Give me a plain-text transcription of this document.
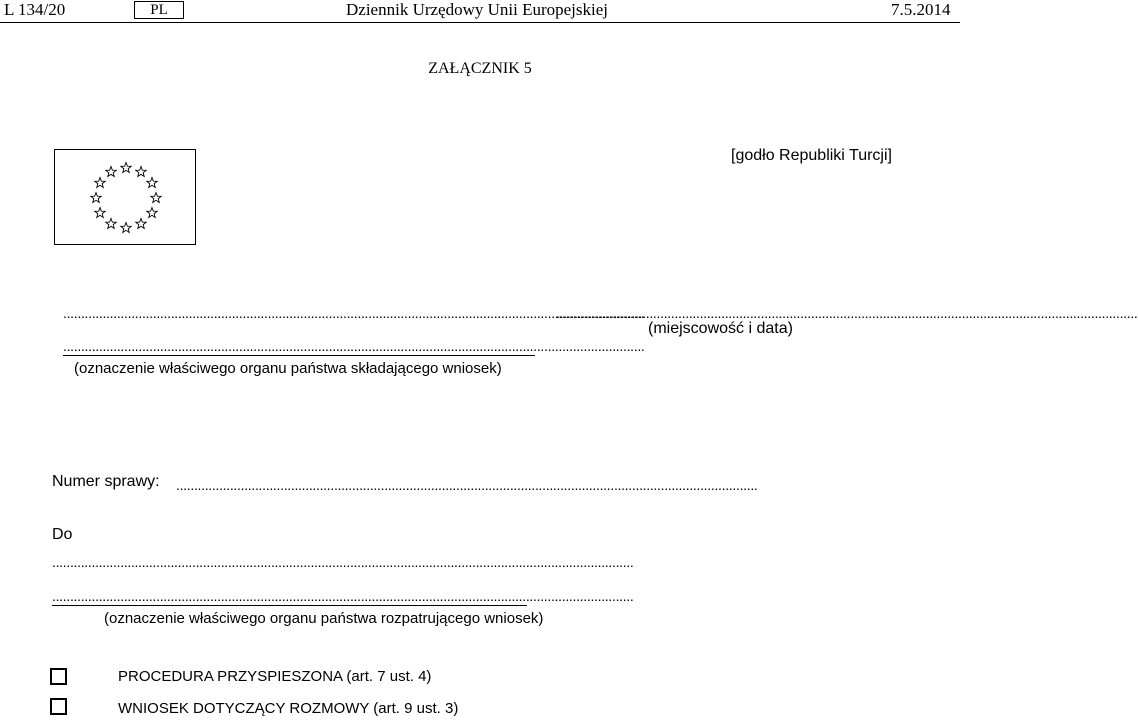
L 134/20	PL	Dziennik Urzędowy Unii Europejskiej	7.5.2014
ZAŁĄCZNIK 5
[godło Republiki Turcji]
..................................................................................................................................................................
..................................................................................................................................................................
(miejscowość i data)
..................................................................................................................................................................
(oznaczenie właściwego organu państwa składającego wniosek)
Numer sprawy: ..................................................................................................................................................................
Do
..................................................................................................................................................................
..................................................................................................................................................................
(oznaczenie właściwego organu państwa rozpatrującego wniosek)
PROCEDURA PRZYSPIESZONA (art. 7 ust. 4)
WNIOSEK DOTYCZĄCY ROZMOWY (art. 9 ust. 3)
